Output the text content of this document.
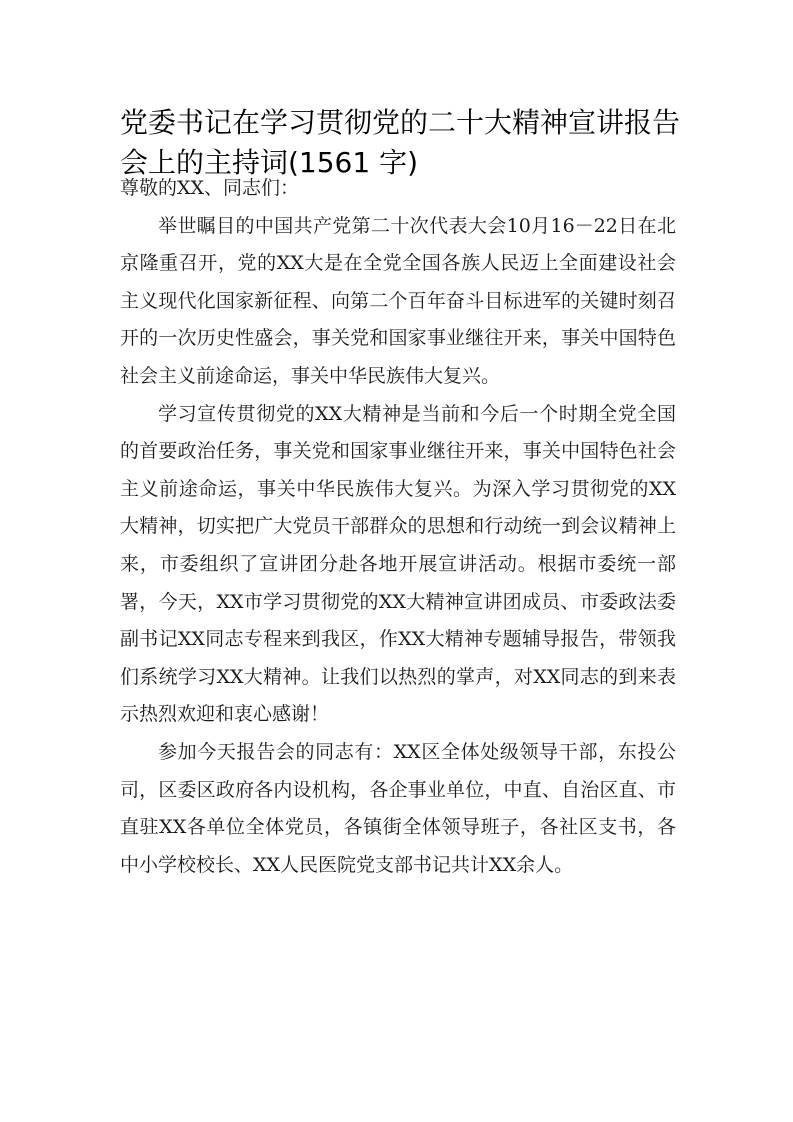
党委书记在学习贯彻党的二十大精神宣讲报告会上的主持词(1561 字)

尊敬的XX、同志们：

举世瞩目的中国共产党第二十次代表大会10月16－22日在北京隆重召开，党的XX大是在全党全国各族人民迈上全面建设社会主义现代化国家新征程、向第二个百年奋斗目标进军的关键时刻召开的一次历史性盛会，事关党和国家事业继往开来，事关中国特色社会主义前途命运，事关中华民族伟大复兴。

学习宣传贯彻党的XX大精神是当前和今后一个时期全党全国的首要政治任务，事关党和国家事业继往开来，事关中国特色社会主义前途命运，事关中华民族伟大复兴。为深入学习贯彻党的XX大精神，切实把广大党员干部群众的思想和行动统一到会议精神上来，市委组织了宣讲团分赴各地开展宣讲活动。根据市委统一部署，今天，XX市学习贯彻党的XX大精神宣讲团成员、市委政法委副书记XX同志专程来到我区，作XX大精神专题辅导报告，带领我们系统学习XX大精神。让我们以热烈的掌声，对XX同志的到来表示热烈欢迎和衷心感谢！

参加今天报告会的同志有：XX区全体处级领导干部，东投公司，区委区政府各内设机构，各企事业单位，中直、自治区直、市直驻XX各单位全体党员，各镇街全体领导班子，各社区支书，各中小学校校长、XX人民医院党支部书记共计XX余人。
